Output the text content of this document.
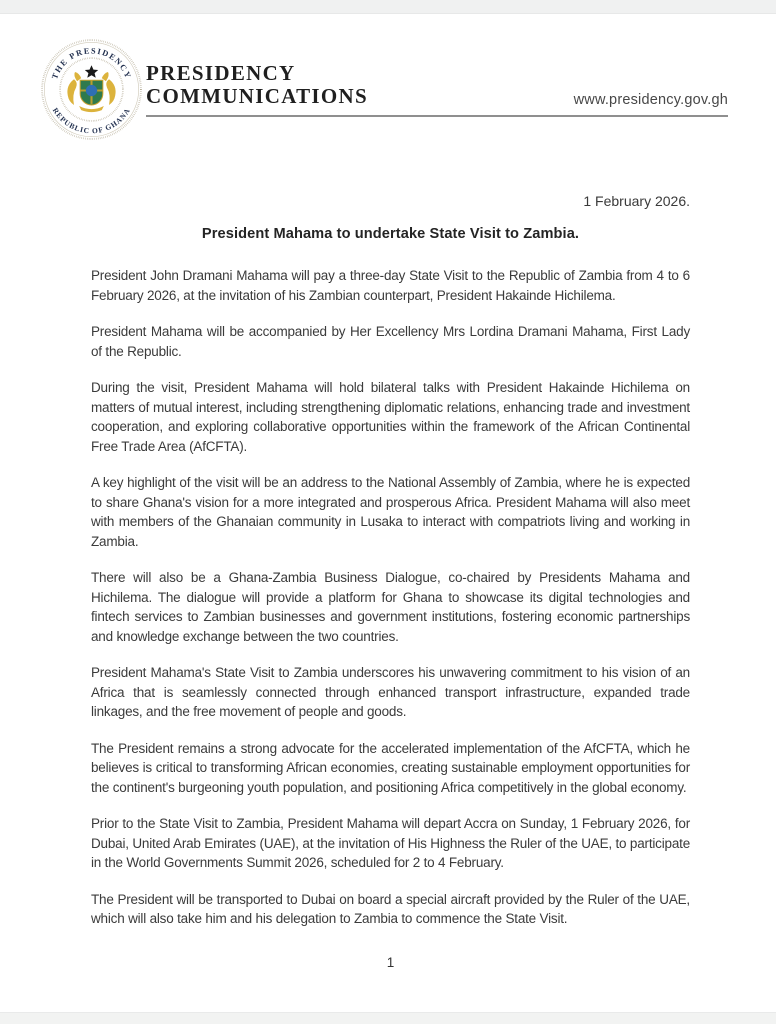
THE PRESIDENCY
REPUBLIC OF GHANA
PRESIDENCY
COMMUNICATIONS	www.presidency.gov.gh
1 February 2026.
President Mahama to undertake State Visit to Zambia.

President John Dramani Mahama will pay a three-day State Visit to the Republic of Zambia from 4 to 6 February 2026, at the invitation of his Zambian counterpart, President Hakainde Hichilema.

President Mahama will be accompanied by Her Excellency Mrs Lordina Dramani Mahama, First Lady of the Republic.

During the visit, President Mahama will hold bilateral talks with President Hakainde Hichilema on matters of mutual interest, including strengthening diplomatic relations, enhancing trade and investment cooperation, and exploring collaborative opportunities within the framework of the African Continental Free Trade Area (AfCFTA).

A key highlight of the visit will be an address to the National Assembly of Zambia, where he is expected to share Ghana's vision for a more integrated and prosperous Africa. President Mahama will also meet with members of the Ghanaian community in Lusaka to interact with compatriots living and working in Zambia.

There will also be a Ghana-Zambia Business Dialogue, co-chaired by Presidents Mahama and Hichilema. The dialogue will provide a platform for Ghana to showcase its digital technologies and fintech services to Zambian businesses and government institutions, fostering economic partnerships and knowledge exchange between the two countries.

President Mahama's State Visit to Zambia underscores his unwavering commitment to his vision of an Africa that is seamlessly connected through enhanced transport infrastructure, expanded trade linkages, and the free movement of people and goods.

The President remains a strong advocate for the accelerated implementation of the AfCFTA, which he believes is critical to transforming African economies, creating sustainable employment opportunities for the continent's burgeoning youth population, and positioning Africa competitively in the global economy.

Prior to the State Visit to Zambia, President Mahama will depart Accra on Sunday, 1 February 2026, for Dubai, United Arab Emirates (UAE), at the invitation of His Highness the Ruler of the UAE, to participate in the World Governments Summit 2026, scheduled for 2 to 4 February.

The President will be transported to Dubai on board a special aircraft provided by the Ruler of the UAE, which will also take him and his delegation to Zambia to commence the State Visit.

1
